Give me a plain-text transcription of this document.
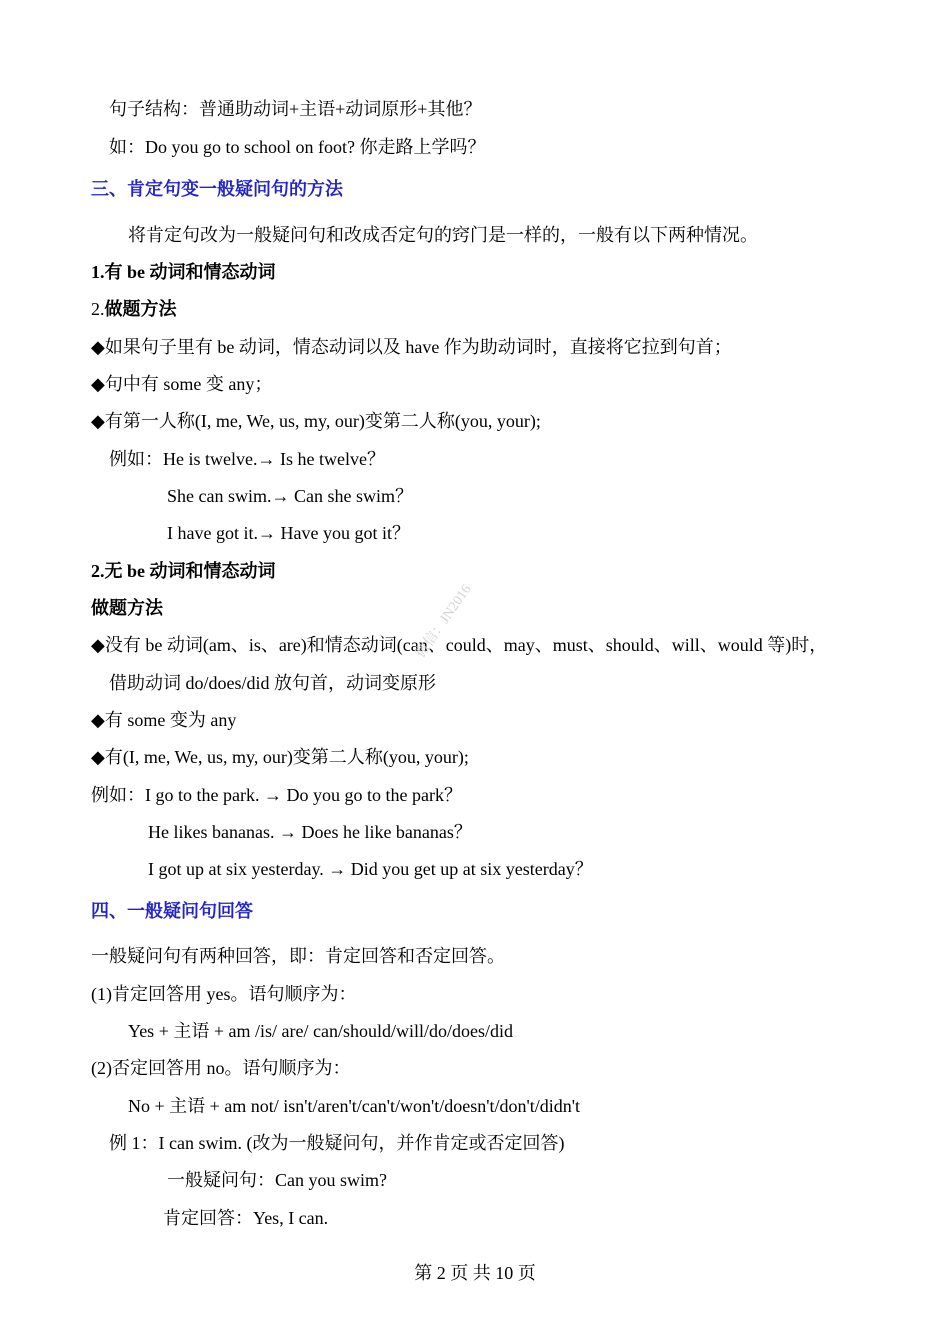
句子结构：普通助动词+主语+动词原形+其他？
如：Do you go to school on foot? 你走路上学吗？
三、肯定句变一般疑问句的方法
将肯定句改为一般疑问句和改成否定句的窍门是一样的，一般有以下两种情况。
1.有 be 动词和情态动词
2.做题方法
◆如果句子里有 be 动词，情态动词以及 have 作为助动词时，直接将它拉到句首；
◆句中有 some 变 any；
◆有第一人称(I, me, We, us, my, our)变第二人称(you, your);
例如：He is twelve.→ Is he twelve？
She can swim.→ Can she swim？
I have got it.→ Have you got it？
2.无 be 动词和情态动词
做题方法
◆没有 be 动词(am、is、are)和情态动词(can、could、may、must、should、will、would 等)时，
借助动词 do/does/did 放句首，动词变原形
◆有 some 变为 any
◆有(I, me, We, us, my, our)变第二人称(you, your);
例如：I go to the park. → Do you go to the park？
He likes bananas. → Does he like bananas？
I got up at six yesterday. → Did you get up at six yesterday？
四、一般疑问句回答
一般疑问句有两种回答，即：肯定回答和否定回答。
(1)肯定回答用 yes。语句顺序为：
Yes + 主语 + am /is/ are/ can/should/will/do/does/did
(2)否定回答用 no。语句顺序为：
No + 主语 + am not/ isn't/aren't/can't/won't/doesn't/don't/didn't
例 1：I can swim. (改为一般疑问句，并作肯定或否定回答)
一般疑问句：Can you swim?
肯定回答：Yes, I can.
第 2 页 共 10 页
微信：JN2016
